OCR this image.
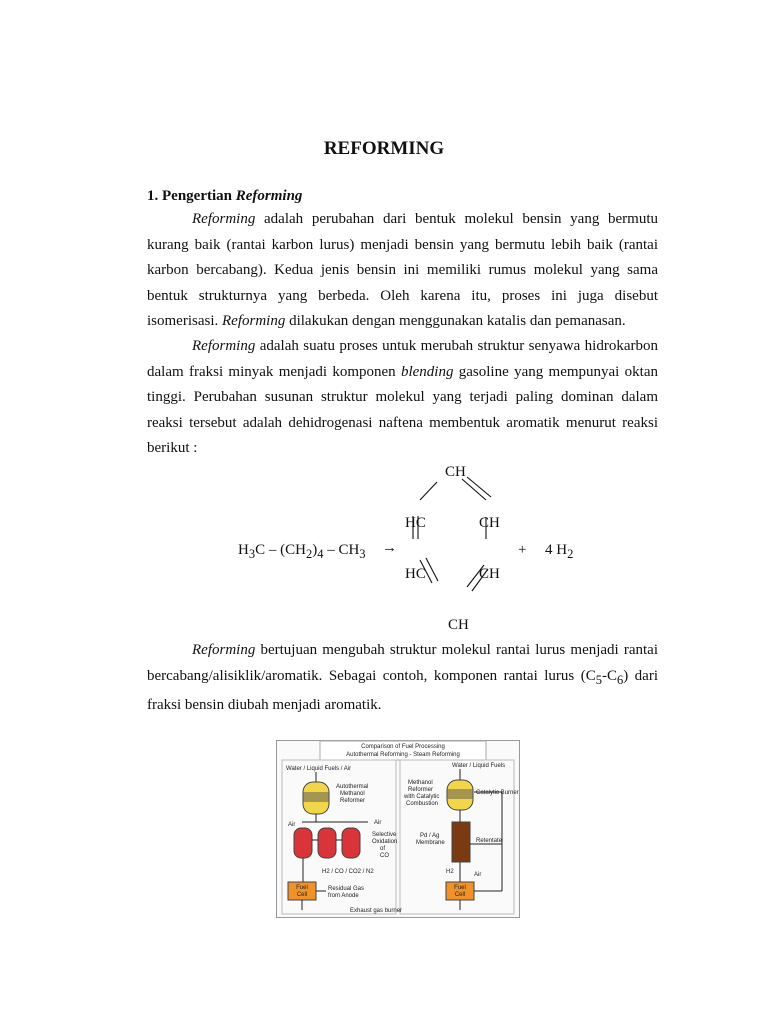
REFORMING
1. Pengertian Reforming
Reforming adalah perubahan dari bentuk molekul bensin yang bermutu kurang baik (rantai karbon lurus) menjadi bensin yang bermutu lebih baik (rantai karbon bercabang). Kedua jenis bensin ini memiliki rumus molekul yang sama bentuk strukturnya yang berbeda. Oleh karena itu, proses ini juga disebut isomerisasi. Reforming dilakukan dengan menggunakan katalis dan pemanasan.
Reforming adalah suatu proses untuk merubah struktur senyawa hidrokarbon dalam fraksi minyak menjadi komponen blending gasoline yang mempunyai oktan tinggi. Perubahan susunan struktur molekul yang terjadi paling dominan dalam reaksi tersebut adalah dehidrogenasi naftena membentuk aromatik menurut reaksi berikut :
$H_3C - (CH_2)_4 - CH_3$ →
CH
HC	CH
HC	CH
CH
+ 4 $H_2$
Reforming bertujuan mengubah struktur molekul rantai lurus menjadi rantai bercabang/alisiklik/aromatik. Sebagai contoh, komponen rantai lurus $(C_5-C_6)$ dari fraksi bensin diubah menjadi aromatik.
Comparison of Fuel Processing
Autothermal Reforming - Steam Reforming
Water / Liquid Fuels / Air
Autothermal
Methanol
Reformer
Air	Air
Selective
Oxidation
of
CO
H2 / CO / CO2 / N2
Fuel
Cell
Residual Gas
from Anode
Exhaust gas burner
Water / Liquid Fuels
Methanol
Reformer
with Catalytic
Combustion
Catalytic Burner
Pd / Ag
Membrane	Retentate
H2	Air
Fuel
Cell
